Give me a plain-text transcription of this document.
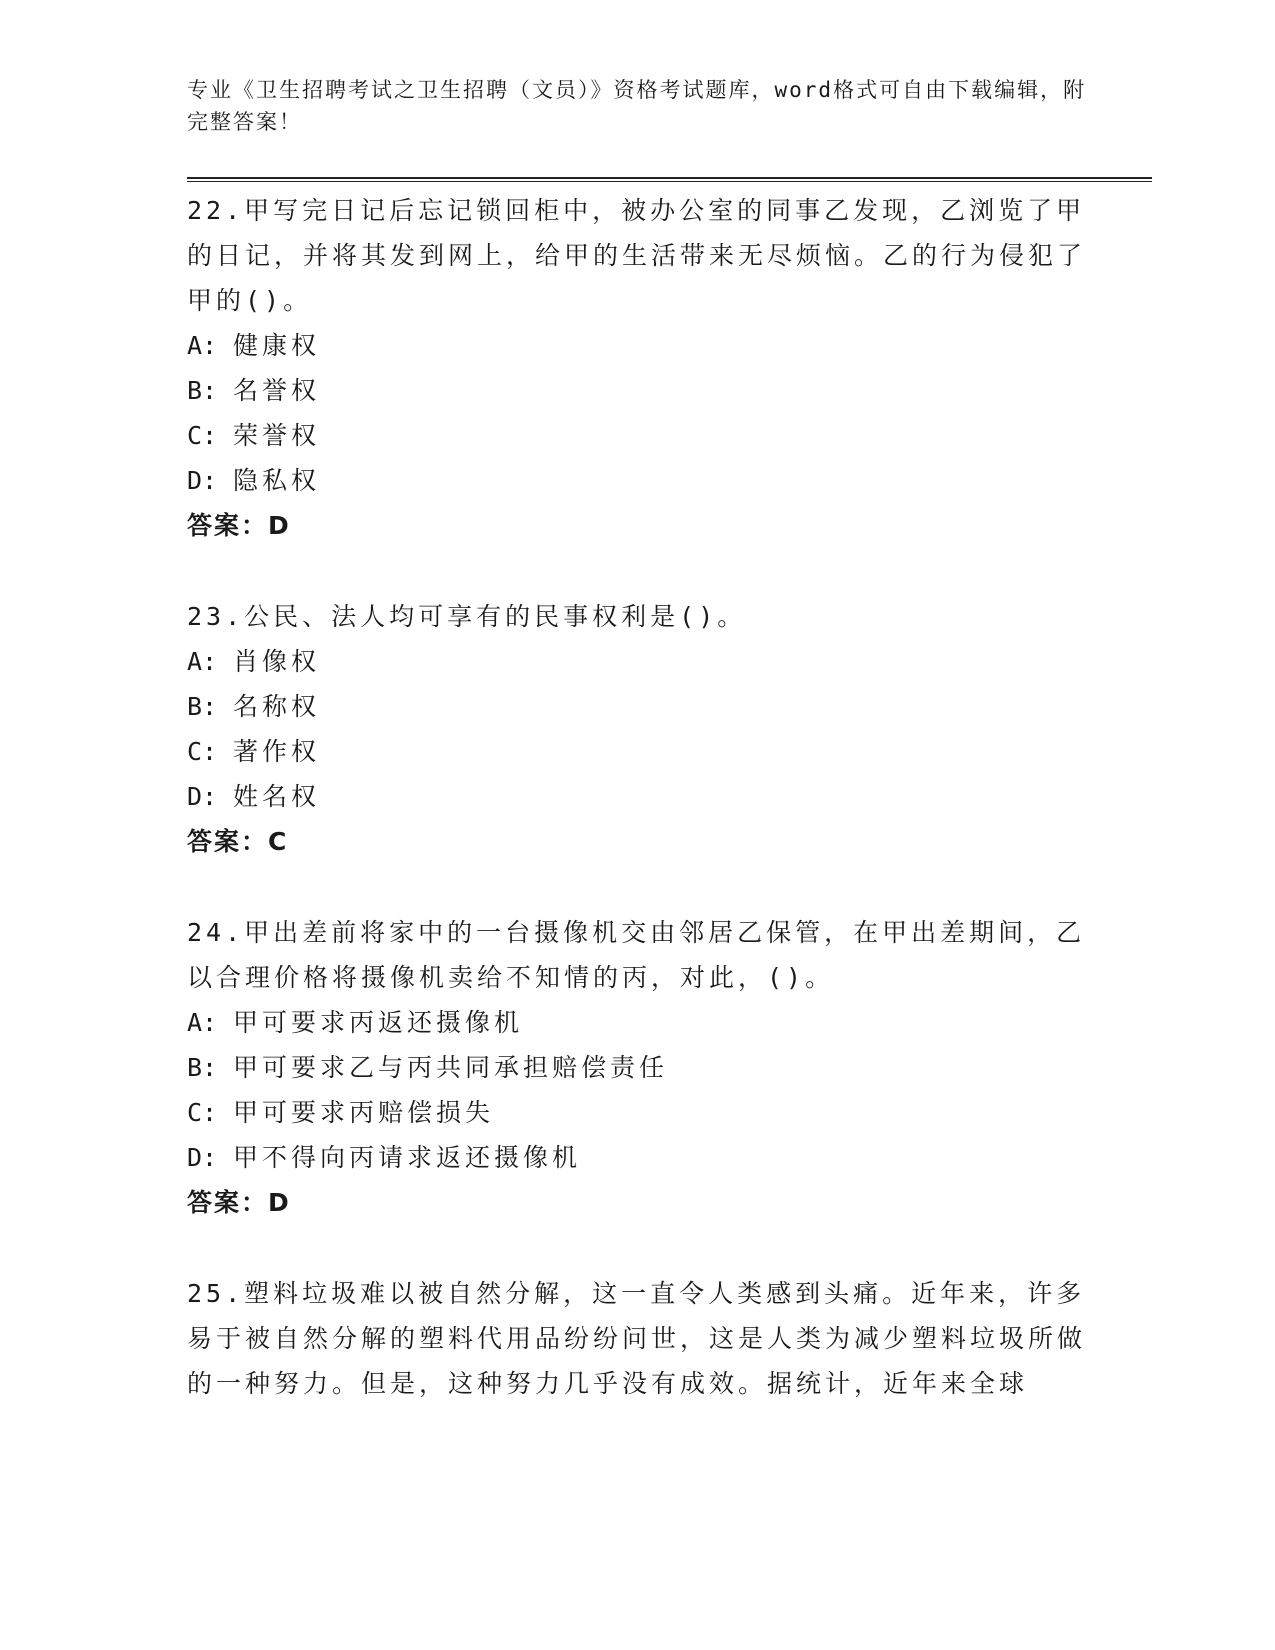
专业《卫生招聘考试之卫生招聘（文员）》资格考试题库，word格式可自由下载编辑，附完整答案！

22.甲写完日记后忘记锁回柜中，被办公室的同事乙发现，乙浏览了甲的日记，并将其发到网上，给甲的生活带来无尽烦恼。乙的行为侵犯了甲的()。

A: 健康权

B: 名誉权

C: 荣誉权

D: 隐私权

答案：D

23.公民、法人均可享有的民事权利是()。

A: 肖像权

B: 名称权

C: 著作权

D: 姓名权

答案：C

24.甲出差前将家中的一台摄像机交由邻居乙保管，在甲出差期间，乙以合理价格将摄像机卖给不知情的丙，对此，()。

A: 甲可要求丙返还摄像机

B: 甲可要求乙与丙共同承担赔偿责任

C: 甲可要求丙赔偿损失

D: 甲不得向丙请求返还摄像机

答案：D

25.塑料垃圾难以被自然分解，这一直令人类感到头痛。近年来，许多易于被自然分解的塑料代用品纷纷问世，这是人类为减少塑料垃圾所做的一种努力。但是，这种努力几乎没有成效。据统计，近年来全球
